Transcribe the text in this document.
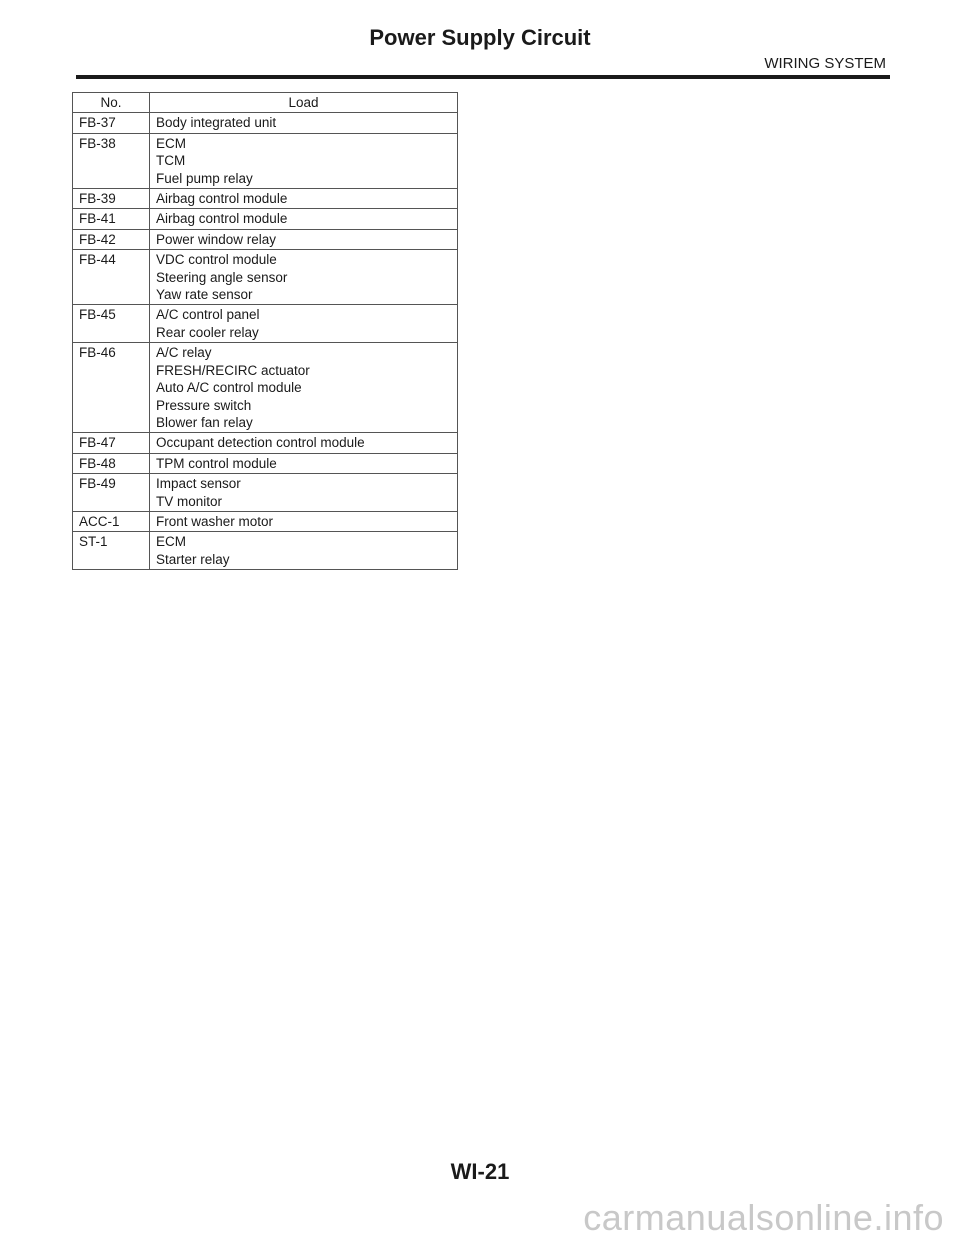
Power Supply Circuit
WIRING SYSTEM
No.	Load
FB-37	Body integrated unit

FB-38	ECM
TCM
Fuel pump relay

FB-39	Airbag control module

FB-41	Airbag control module

FB-42	Power window relay

FB-44	VDC control module
Steering angle sensor
Yaw rate sensor

FB-45	A/C control panel
Rear cooler relay

FB-46	A/C relay
FRESH/RECIRC actuator
Auto A/C control module
Pressure switch
Blower fan relay

FB-47	Occupant detection control module

FB-48	TPM control module

FB-49	Impact sensor
TV monitor

ACC-1	Front washer motor

ST-1	ECM
Starter relay
WI-21
carmanualsonline.info
